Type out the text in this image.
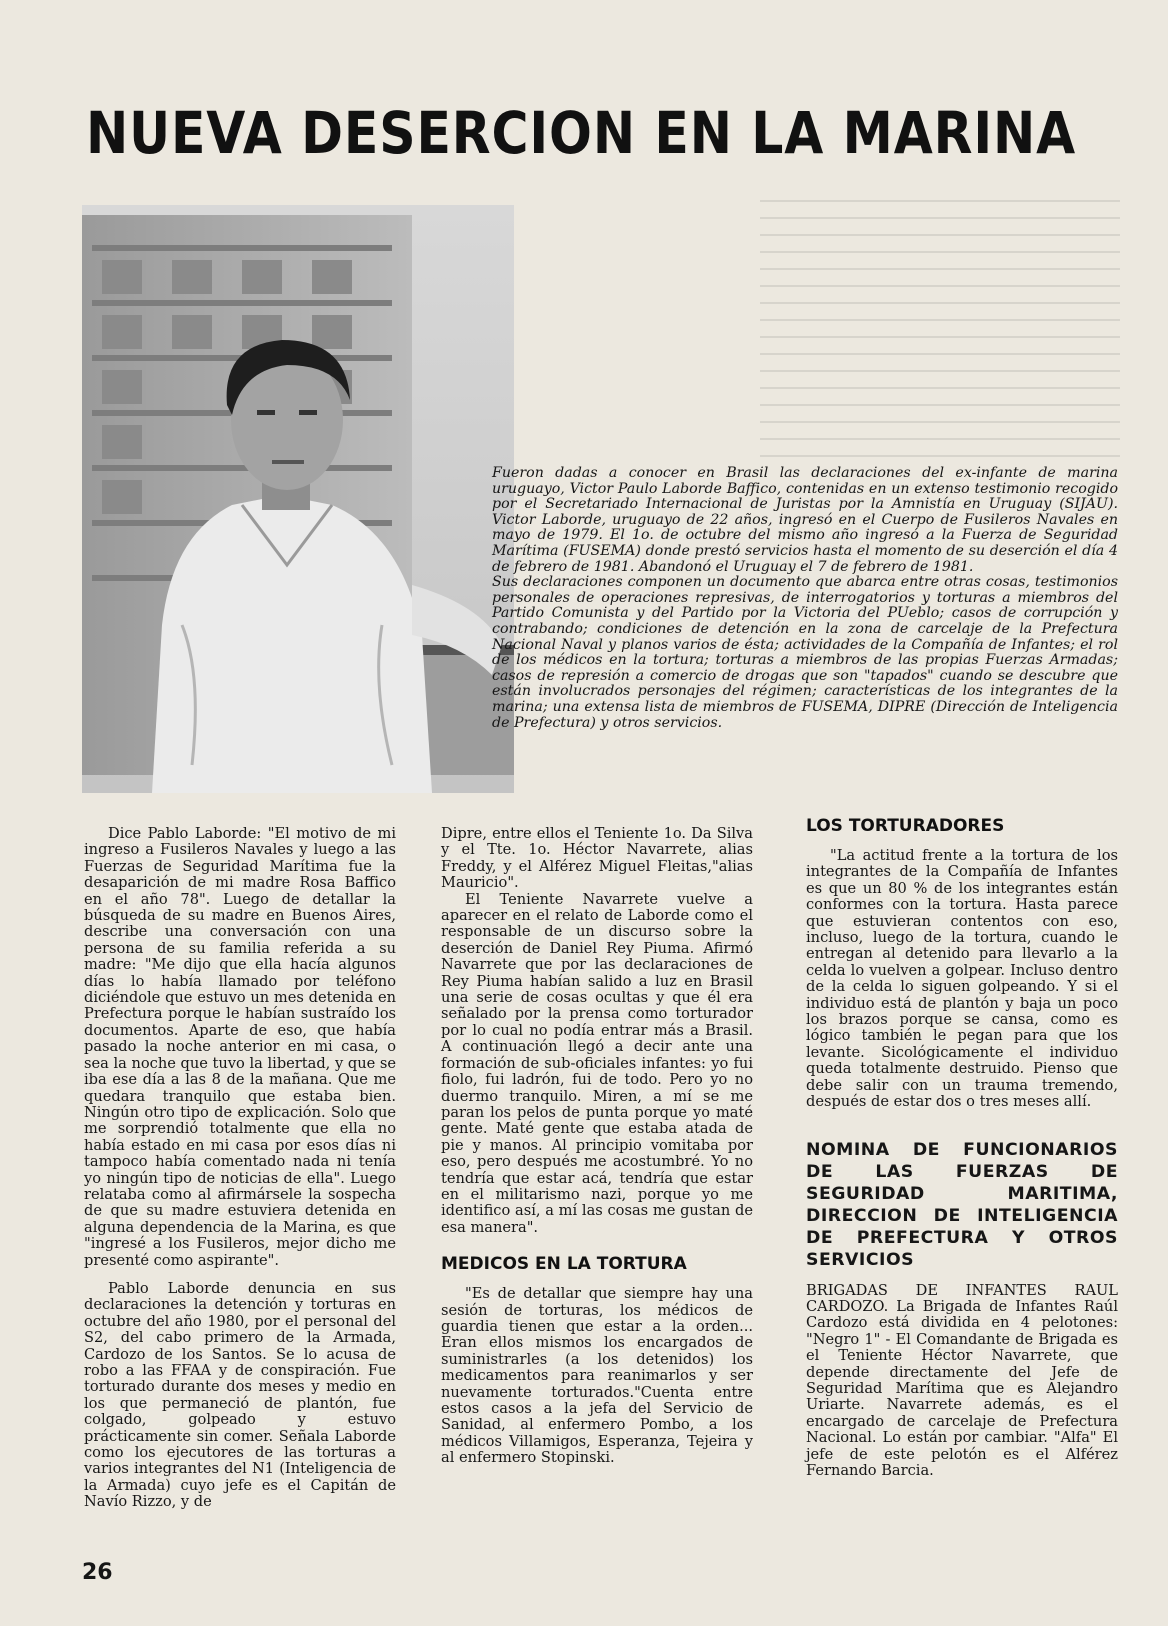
NUEVA DESERCION EN LA MARINA

Fueron dadas a conocer en Brasil las declaraciones del ex-infante de marina uruguayo, Victor Paulo Laborde Baffico, contenidas en un extenso testimonio recogido por el Secretariado Internacional de Juristas por la Amnistía en Uruguay (SIJAU). Victor Laborde, uruguayo de 22 años, ingresó en el Cuerpo de Fusileros Navales en mayo de 1979. El 1o. de octubre del mismo año ingresó a la Fuerza de Seguridad Marítima (FUSEMA) donde prestó servicios hasta el momento de su deserción el día 4 de febrero de 1981. Abandonó el Uruguay el 7 de febrero de 1981.

Sus declaraciones componen un documento que abarca entre otras cosas, testimonios personales de operaciones represivas, de interrogatorios y torturas a miembros del Partido Comunista y del Partido por la Victoria del PUeblo; casos de corrupción y contrabando; condiciones de detención en la zona de carcelaje de la Prefectura Nacional Naval y planos varios de ésta; actividades de la Compañía de Infantes; el rol de los médicos en la tortura; torturas a miembros de las propias Fuerzas Armadas; casos de represión a comercio de drogas que son "tapados" cuando se descubre que están involucrados personajes del régimen; características de los integrantes de la marina; una extensa lista de miembros de FUSEMA, DIPRE (Dirección de Inteligencia de Prefectura) y otros servicios.

Dice Pablo Laborde: "El motivo de mi ingreso a Fusileros Navales y luego a las Fuerzas de Seguridad Marítima fue la desaparición de mi madre Rosa Baffico en el año 78". Luego de detallar la búsqueda de su madre en Buenos Aires, describe una conversación con una persona de su familia referida a su madre: "Me dijo que ella hacía algunos días lo había llamado por teléfono diciéndole que estuvo un mes detenida en Prefectura porque le habían sustraído los documentos. Aparte de eso, que había pasado la noche anterior en mi casa, o sea la noche que tuvo la libertad, y que se iba ese día a las 8 de la mañana. Que me quedara tranquilo que estaba bien. Ningún otro tipo de explicación. Solo que me sorprendió totalmente que ella no había estado en mi casa por esos días ni tampoco había comentado nada ni tenía yo ningún tipo de noticias de ella". Luego relataba como al afirmársele la sospecha de que su madre estuviera detenida en alguna dependencia de la Marina, es que "ingresé a los Fusileros, mejor dicho me presenté como aspirante".

Pablo Laborde denuncia en sus declaraciones la detención y torturas en octubre del año 1980, por el personal del S2, del cabo primero de la Armada, Cardozo de los Santos. Se lo acusa de robo a las FFAA y de conspiración. Fue torturado durante dos meses y medio en los que permaneció de plantón, fue colgado, golpeado y estuvo prácticamente sin comer. Señala Laborde como los ejecutores de las torturas a varios integrantes del N1 (Inteligencia de la Armada) cuyo jefe es el Capitán de Navío Rizzo, y de

Dipre, entre ellos el Teniente 1o. Da Silva y el Tte. 1o. Héctor Navarrete, alias Freddy, y el Alférez Miguel Fleitas,"alias Mauricio".

El Teniente Navarrete vuelve a aparecer en el relato de Laborde como el responsable de un discurso sobre la deserción de Daniel Rey Piuma. Afirmó Navarrete que por las declaraciones de Rey Piuma habían salido a luz en Brasil una serie de cosas ocultas y que él era señalado por la prensa como torturador por lo cual no podía entrar más a Brasil. A continuación llegó a decir ante una formación de sub-oficiales infantes: yo fui fiolo, fui ladrón, fui de todo. Pero yo no duermo tranquilo. Miren, a mí se me paran los pelos de punta porque yo maté gente. Maté gente que estaba atada de pie y manos. Al principio vomitaba por eso, pero después me acostumbré. Yo no tendría que estar acá, tendría que estar en el militarismo nazi, porque yo me identifico así, a mí las cosas me gustan de esa manera".

MEDICOS EN LA TORTURA

"Es de detallar que siempre hay una sesión de torturas, los médicos de guardia tienen que estar a la orden... Eran ellos mismos los encargados de suministrarles (a los detenidos) los medicamentos para reanimarlos y ser nuevamente torturados."Cuenta entre estos casos a la jefa del Servicio de Sanidad, al enfermero Pombo, a los médicos Villamigos, Esperanza, Tejeira y al enfermero Stopinski.

LOS TORTURADORES

"La actitud frente a la tortura de los integrantes de la Compañía de Infantes es que un 80 % de los integrantes están conformes con la tortura. Hasta parece que estuvieran contentos con eso, incluso, luego de la tortura, cuando le entregan al detenido para llevarlo a la celda lo vuelven a golpear. Incluso dentro de la celda lo siguen golpeando. Y si el individuo está de plantón y baja un poco los brazos porque se cansa, como es lógico también le pegan para que los levante. Sicológicamente el individuo queda totalmente destruido. Pienso que debe salir con un trauma tremendo, después de estar dos o tres meses allí.

NOMINA DE FUNCIONARIOS DE LAS FUERZAS DE SEGURIDAD MARITIMA, DIRECCION DE INTELIGENCIA DE PREFECTURA Y OTROS SERVICIOS

BRIGADAS DE INFANTES RAUL CARDOZO. La Brigada de Infantes Raúl Cardozo está dividida en 4 pelotones: "Negro 1" - El Comandante de Brigada es el Teniente Héctor Navarrete, que depende directamente del Jefe de Seguridad Marítima que es Alejandro Uriarte. Navarrete además, es el encargado de carcelaje de Prefectura Nacional. Lo están por cambiar. "Alfa" El jefe de este pelotón es el Alférez Fernando Barcia.

26
